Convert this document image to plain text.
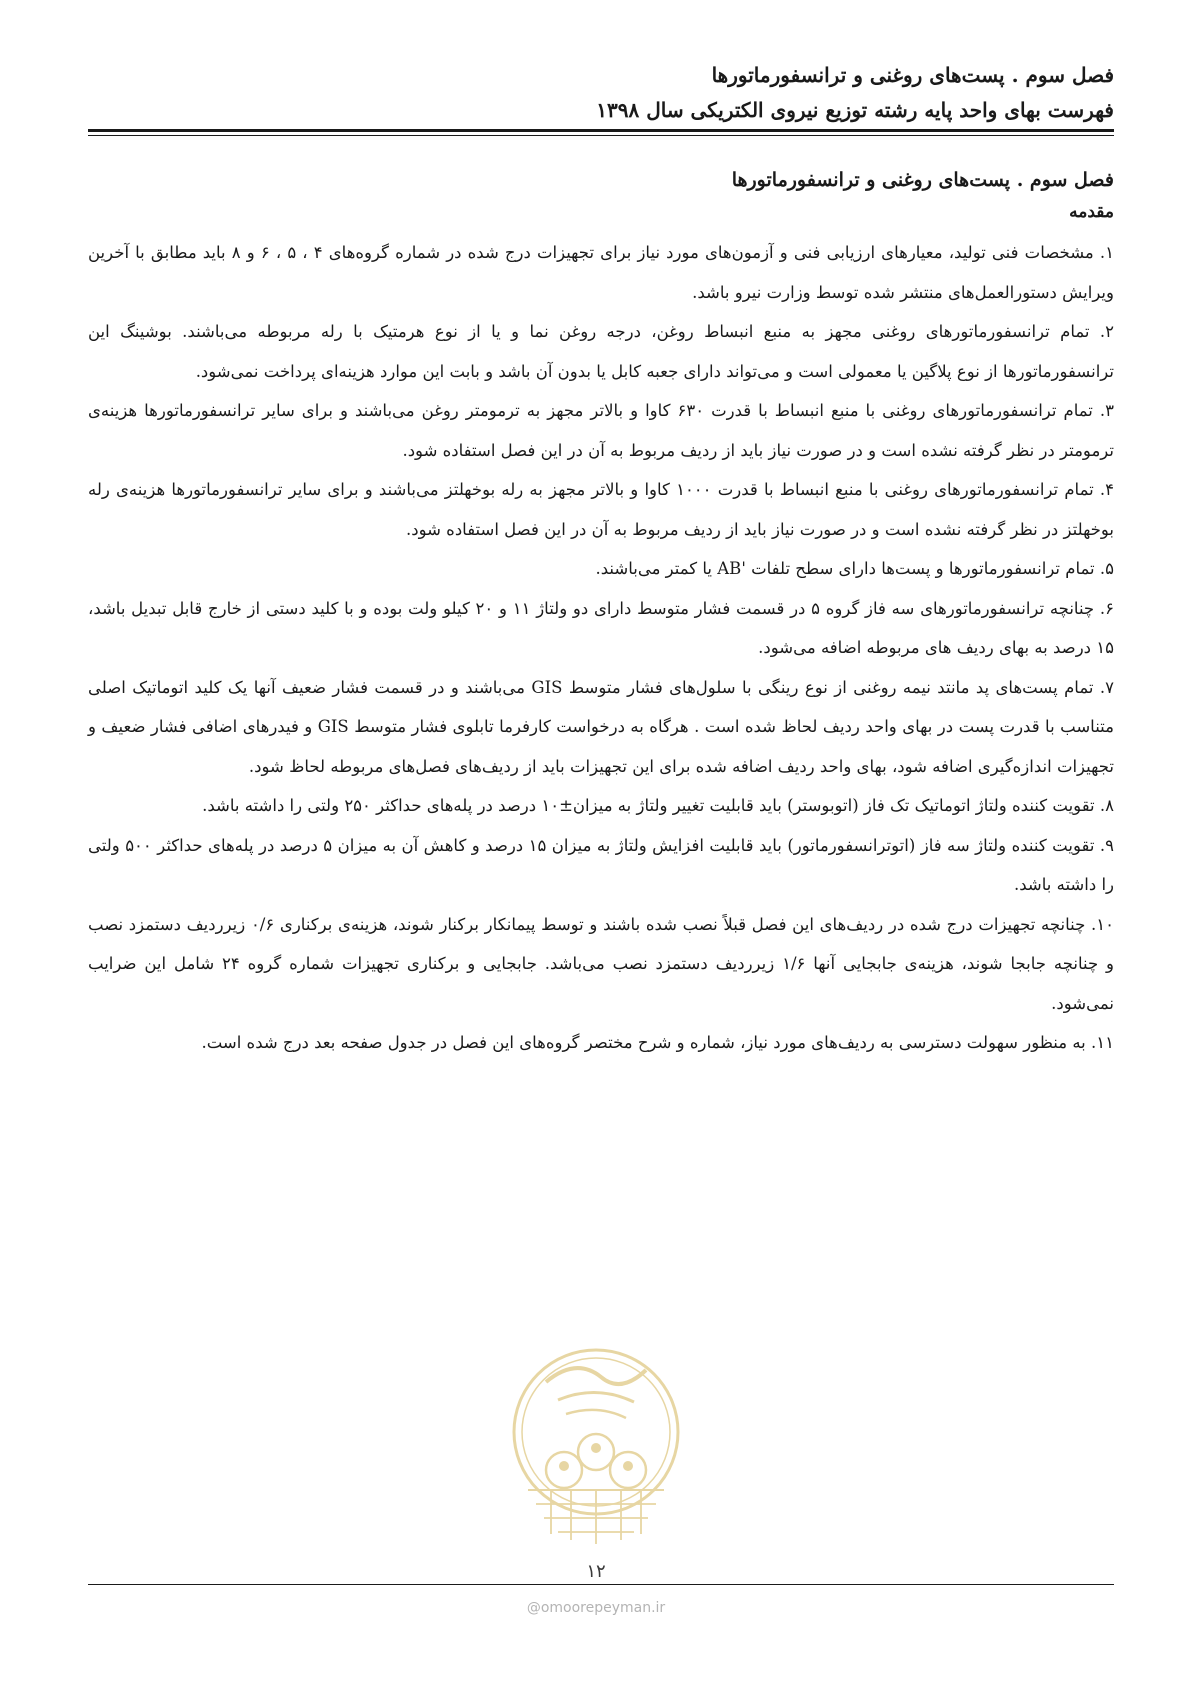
فصل سوم . پست‌های روغنی و ترانسفورماتورها
فهرست بهای واحد پایه رشته توزیع نیروی الکتریکی سال ۱۳۹۸
فصل سوم . پست‌های روغنی و ترانسفورماتورها
مقدمه

۱. مشخصات فنی تولید، معیارهای ارزیابی فنی و آزمون‌های مورد نیاز برای تجهیزات درج شده در شماره گروه‌های ۴ ، ۵ ، ۶ و ۸ باید مطابق با آخرین ویرایش دستورالعمل‌های منتشر شده توسط وزارت نیرو باشد.

۲. تمام ترانسفورماتورهای روغنی مجهز به منبع انبساط روغن، درجه روغن نما و یا از نوع هرمتیک با رله مربوطه می‌باشند. بوشینگ این ترانسفورماتورها از نوع پلاگین یا معمولی است و می‌تواند دارای جعبه کابل یا بدون آن باشد و بابت این موارد هزینه‌ای پرداخت نمی‌شود.

۳. تمام ترانسفورماتورهای روغنی با منبع انبساط با قدرت ۶۳۰ کاوا و بالاتر مجهز به ترمومتر روغن می‌باشند و برای سایر ترانسفورماتورها هزینه‌ی ترمومتر در نظر گرفته نشده است و در صورت نیاز باید از ردیف مربوط به آن در این فصل استفاده شود.

۴. تمام ترانسفورماتورهای روغنی با منبع انبساط با قدرت ۱۰۰۰ کاوا و بالاتر مجهز به رله بوخهلتز می‌باشند و برای سایر ترانسفورماتورها هزینه‌ی رله بوخهلتز در نظر گرفته نشده است و در صورت نیاز باید از ردیف مربوط به آن در این فصل استفاده شود.

۵. تمام ترانسفورماتورها و پست‌ها دارای سطح تلفات 'AB یا کمتر می‌باشند.

۶. چنانچه ترانسفورماتورهای سه فاز گروه ۵ در قسمت فشار متوسط دارای دو ولتاژ ۱۱ و ۲۰ کیلو ولت بوده و با کلید دستی از خارج قابل تبدیل باشد، ۱۵ درصد به بهای ردیف های مربوطه اضافه می‌شود.

۷. تمام پست‌های پد مانتد نیمه روغنی از نوع رینگی با سلول‌های فشار متوسط GIS می‌باشند و در قسمت فشار ضعیف آنها یک کلید اتوماتیک اصلی متناسب با قدرت پست در بهای واحد ردیف لحاظ شده است . هرگاه به درخواست کارفرما تابلوی فشار متوسط GIS و فیدرهای اضافی فشار ضعیف و تجهیزات اندازه‌گیری اضافه شود، بهای واحد ردیف اضافه شده برای این تجهیزات باید از ردیف‌های فصل‌های مربوطه لحاظ شود.

۸. تقویت کننده ولتاژ اتوماتیک تک فاز (اتوبوستر) باید قابلیت تغییر ولتاژ به میزان±۱۰ درصد در پله‌های حداکثر ۲۵۰ ولتی را داشته باشد.

۹. تقویت کننده ولتاژ سه فاز (اتوترانسفورماتور) باید قابلیت افزایش ولتاژ به میزان ۱۵ درصد و کاهش آن به میزان ۵ درصد در پله‌های حداکثر ۵۰۰ ولتی را داشته باشد.

۱۰. چنانچه تجهیزات درج شده در ردیف‌های این فصل قبلاً نصب شده باشند و توسط پیمانکار برکنار شوند، هزینه‌ی برکناری ۰/۶ زیرردیف دستمزد نصب و چنانچه جابجا شوند، هزینه‌ی جابجایی آنها ۱/۶ زیرردیف دستمزد نصب می‌باشد. جابجایی و برکناری تجهیزات شماره گروه ۲۴ شامل این ضرایب نمی‌شود.

۱۱. به منظور سهولت دسترسی به ردیف‌های مورد نیاز، شماره و شرح مختصر گروه‌های این فصل در جدول صفحه بعد درج شده است.

۱۲
@omoorepeyman.ir
